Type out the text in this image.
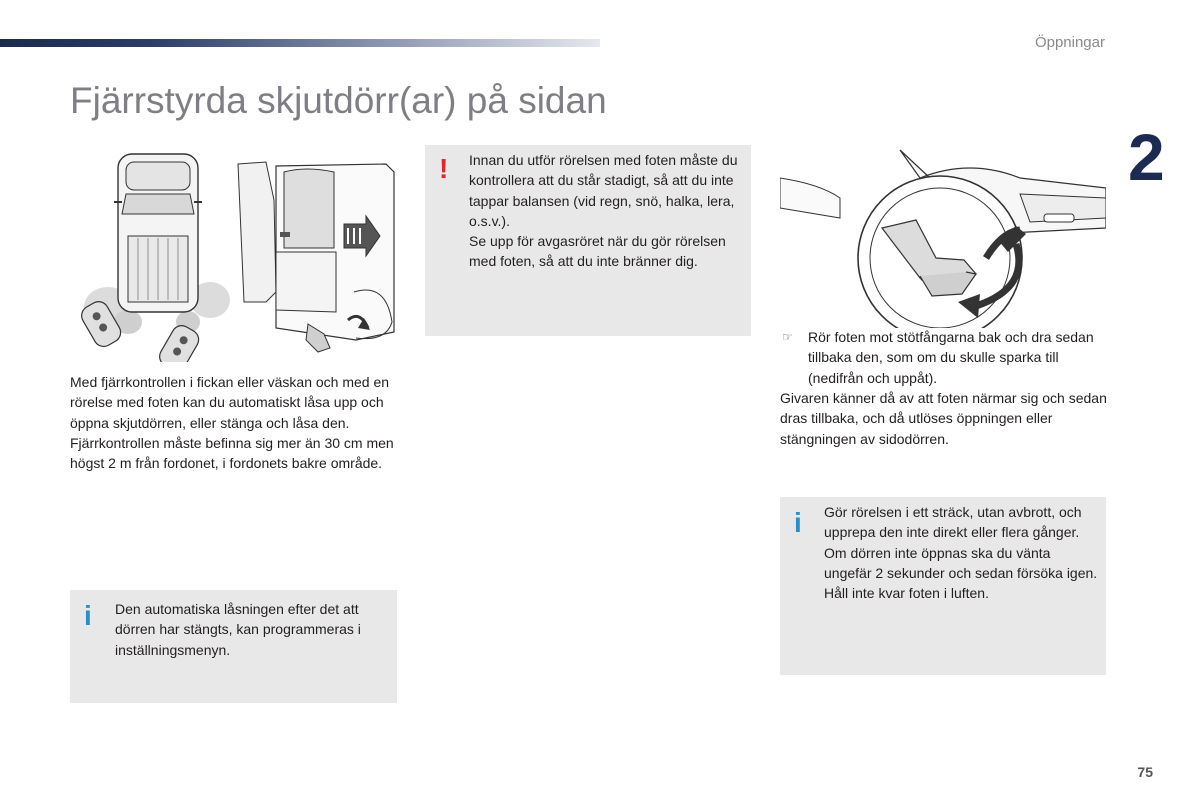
Öppningar
2
Fjärrstyrda skjutdörr(ar) på sidan

Med fjärrkontrollen i fickan eller väskan och med en rörelse med foten kan du automatiskt låsa upp och öppna skjutdörren, eller stänga och låsa den.

Fjärrkontrollen måste befinna sig mer än 30 cm men högst 2 m från fordonet, i fordonets bakre område.

i Den automatiska låsningen efter det att dörren har stängts, kan programmeras i inställningsmenyn.
! Innan du utför rörelsen med foten måste du kontrollera att du står stadigt, så att du inte tappar balansen (vid regn, snö, halka, lera, o.s.v.).

Se upp för avgasröret när du gör rörelsen med foten, så att du inte bränner dig.

☞ Rör foten mot stötfångarna bak och dra sedan tillbaka den, som om du skulle sparka till (nedifrån och uppåt).
Givaren känner då av att foten närmar sig och sedan dras tillbaka, och då utlöses öppningen eller stängningen av sidodörren.
i Gör rörelsen i ett sträck, utan avbrott, och upprepa den inte direkt eller flera gånger.

Om dörren inte öppnas ska du vänta ungefär 2 sekunder och sedan försöka igen.

Håll inte kvar foten i luften.

75
